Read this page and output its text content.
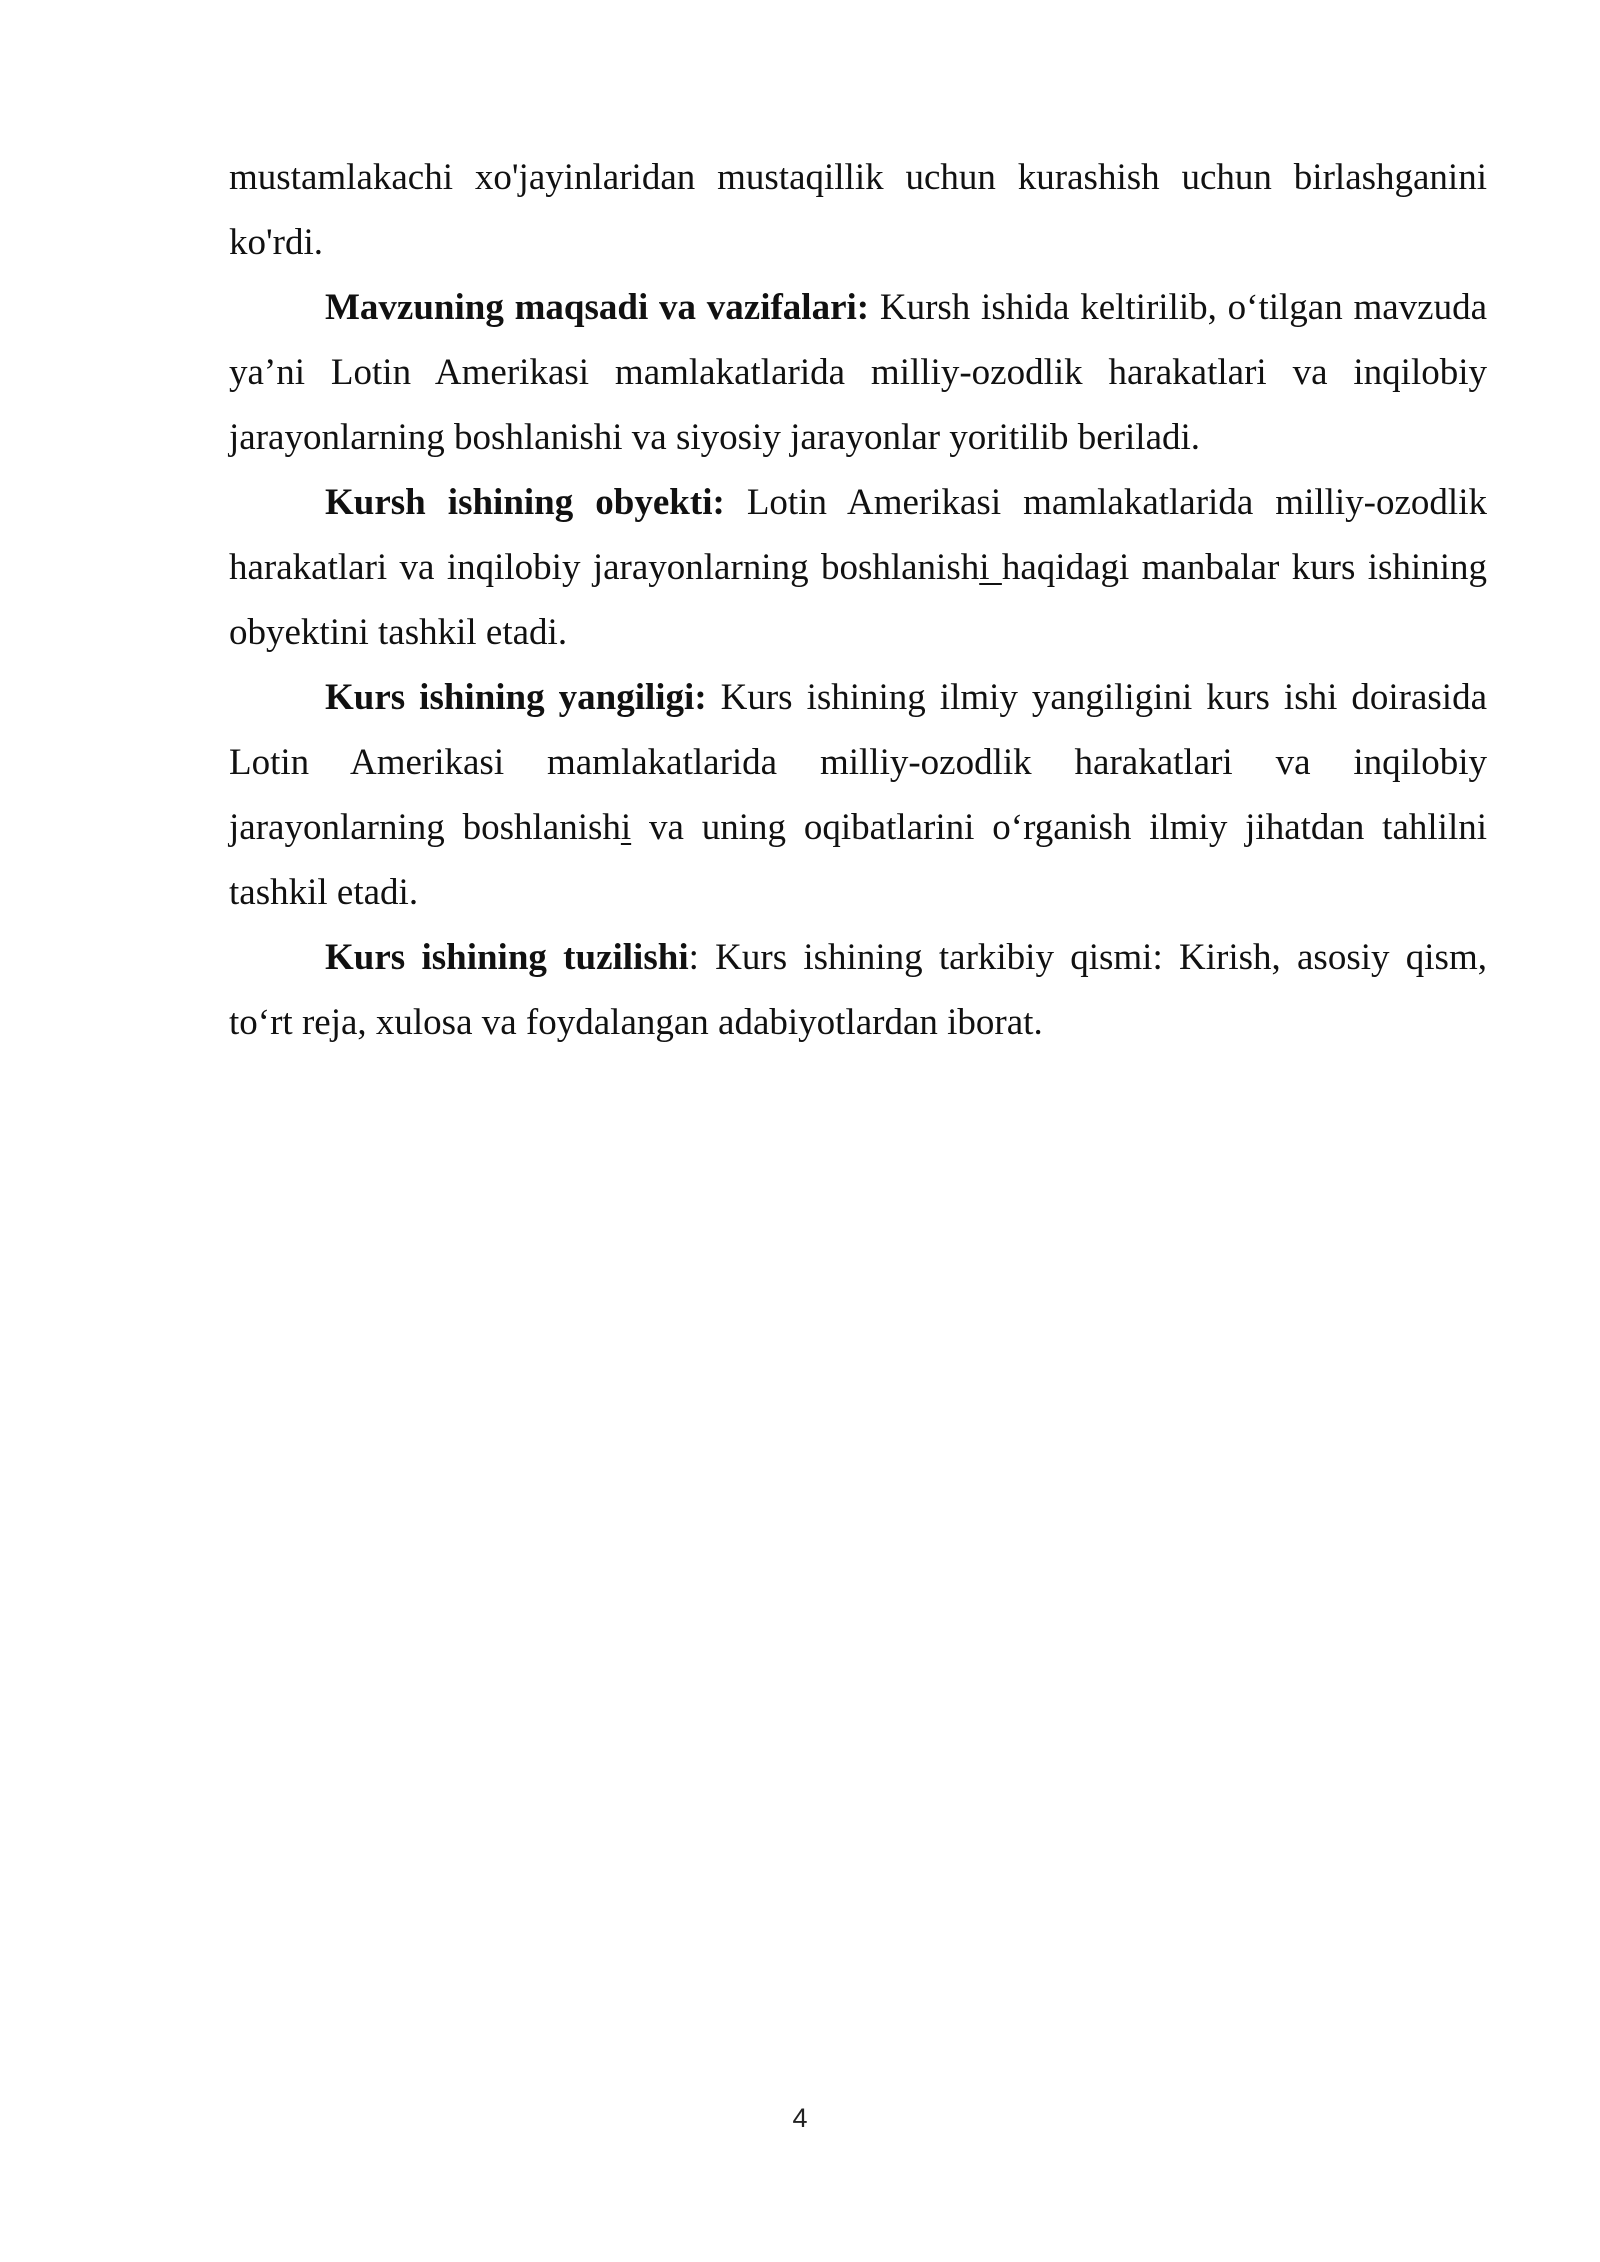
mustamlakachi xo'jayinlaridan mustaqillik uchun kurashish uchun birlashganini ko'rdi.

Mavzuning maqsadi va vazifalari: Kursh ishida keltirilib, o‘tilgan mavzuda ya’ni Lotin Amerikasi mamlakatlarida milliy-ozodlik harakatlari va inqilobiy jarayonlarning boshlanishi va siyosiy jarayonlar yoritilib beriladi.

Kursh ishining obyekti: Lotin Amerikasi mamlakatlarida milliy-ozodlik harakatlari va inqilobiy jarayonlarning boshlanishi haqidagi manbalar kurs ishining obyektini tashkil etadi.

Kurs ishining yangiligi: Kurs ishining ilmiy yangiligini kurs ishi doirasida Lotin Amerikasi mamlakatlarida milliy-ozodlik harakatlari va inqilobiy jarayonlarning boshlanishi va uning oqibatlarini o‘rganish ilmiy jihatdan tahlilni tashkil etadi.

Kurs ishining tuzilishi: Kurs ishining tarkibiy qismi: Kirish, asosiy qism, to‘rt reja, xulosa va foydalangan adabiyotlardan iborat.

4
